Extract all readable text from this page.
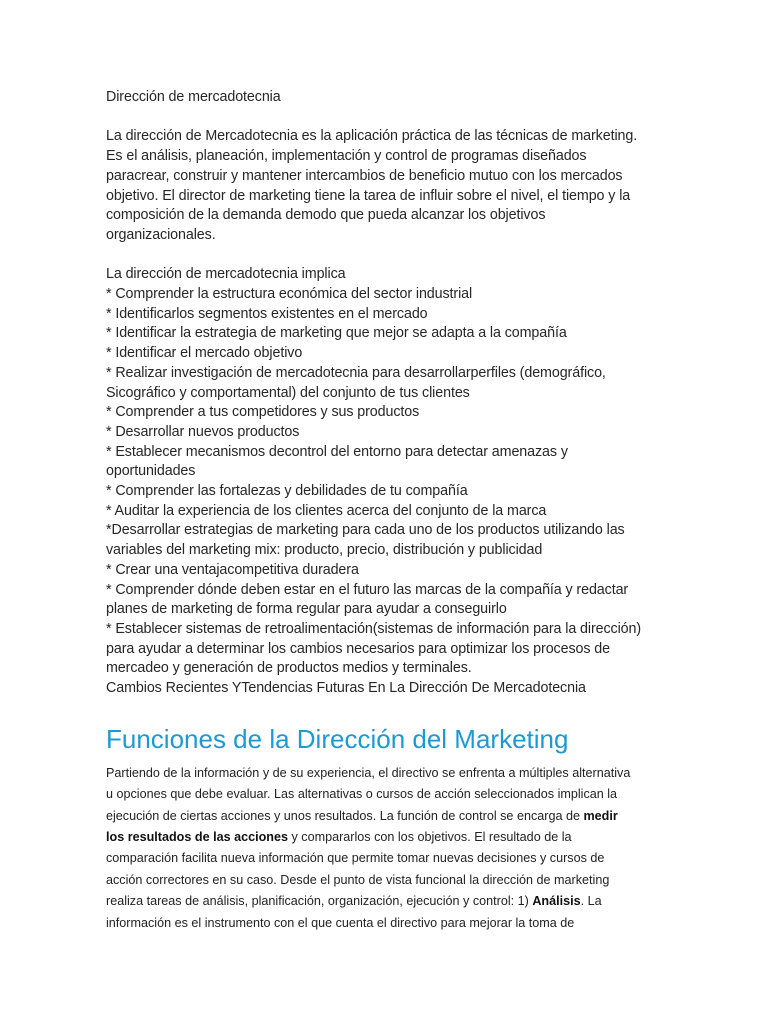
Dirección de mercadotecnia
La dirección de Mercadotecnia es la aplicación práctica de las técnicas de marketing.
Es el análisis, planeación, implementación y control de programas diseñados
paracrear, construir y mantener intercambios de beneficio mutuo con los mercados
objetivo. El director de marketing tiene la tarea de influir sobre el nivel, el tiempo y la
composición de la demanda demodo que pueda alcanzar los objetivos
organizacionales.
La dirección de mercadotecnia implica
* Comprender la estructura económica del sector industrial
* Identificarlos segmentos existentes en el mercado
* Identificar la estrategia de marketing que mejor se adapta a la compañía
* Identificar el mercado objetivo
* Realizar investigación de mercadotecnia para desarrollarperfiles (demográfico,
Sicográfico y comportamental) del conjunto de tus clientes
* Comprender a tus competidores y sus productos
* Desarrollar nuevos productos
* Establecer mecanismos decontrol del entorno para detectar amenazas y
oportunidades
* Comprender las fortalezas y debilidades de tu compañía
* Auditar la experiencia de los clientes acerca del conjunto de la marca
*Desarrollar estrategias de marketing para cada uno de los productos utilizando las
variables del marketing mix: producto, precio, distribución y publicidad
* Crear una ventajacompetitiva duradera
* Comprender dónde deben estar en el futuro las marcas de la compañía y redactar
planes de marketing de forma regular para ayudar a conseguirlo
* Establecer sistemas de retroalimentación(sistemas de información para la dirección)
para ayudar a determinar los cambios necesarios para optimizar los procesos de
mercadeo y generación de productos medios y terminales.
Cambios Recientes YTendencias Futuras En La Dirección De Mercadotecnia
Funciones de la Dirección del Marketing
Partiendo de la información y de su experiencia, el directivo se enfrenta a múltiples alternativa
u opciones que debe evaluar. Las alternativas o cursos de acción seleccionados implican la
ejecución de ciertas acciones y unos resultados. La función de control se encarga de medir
los resultados de las acciones y compararlos con los objetivos. El resultado de la
comparación facilita nueva información que permite tomar nuevas decisiones y cursos de
acción correctores en su caso. Desde el punto de vista funcional la dirección de marketing
realiza tareas de análisis, planificación, organización, ejecución y control: 1) Análisis. La
información es el instrumento con el que cuenta el directivo para mejorar la toma de
